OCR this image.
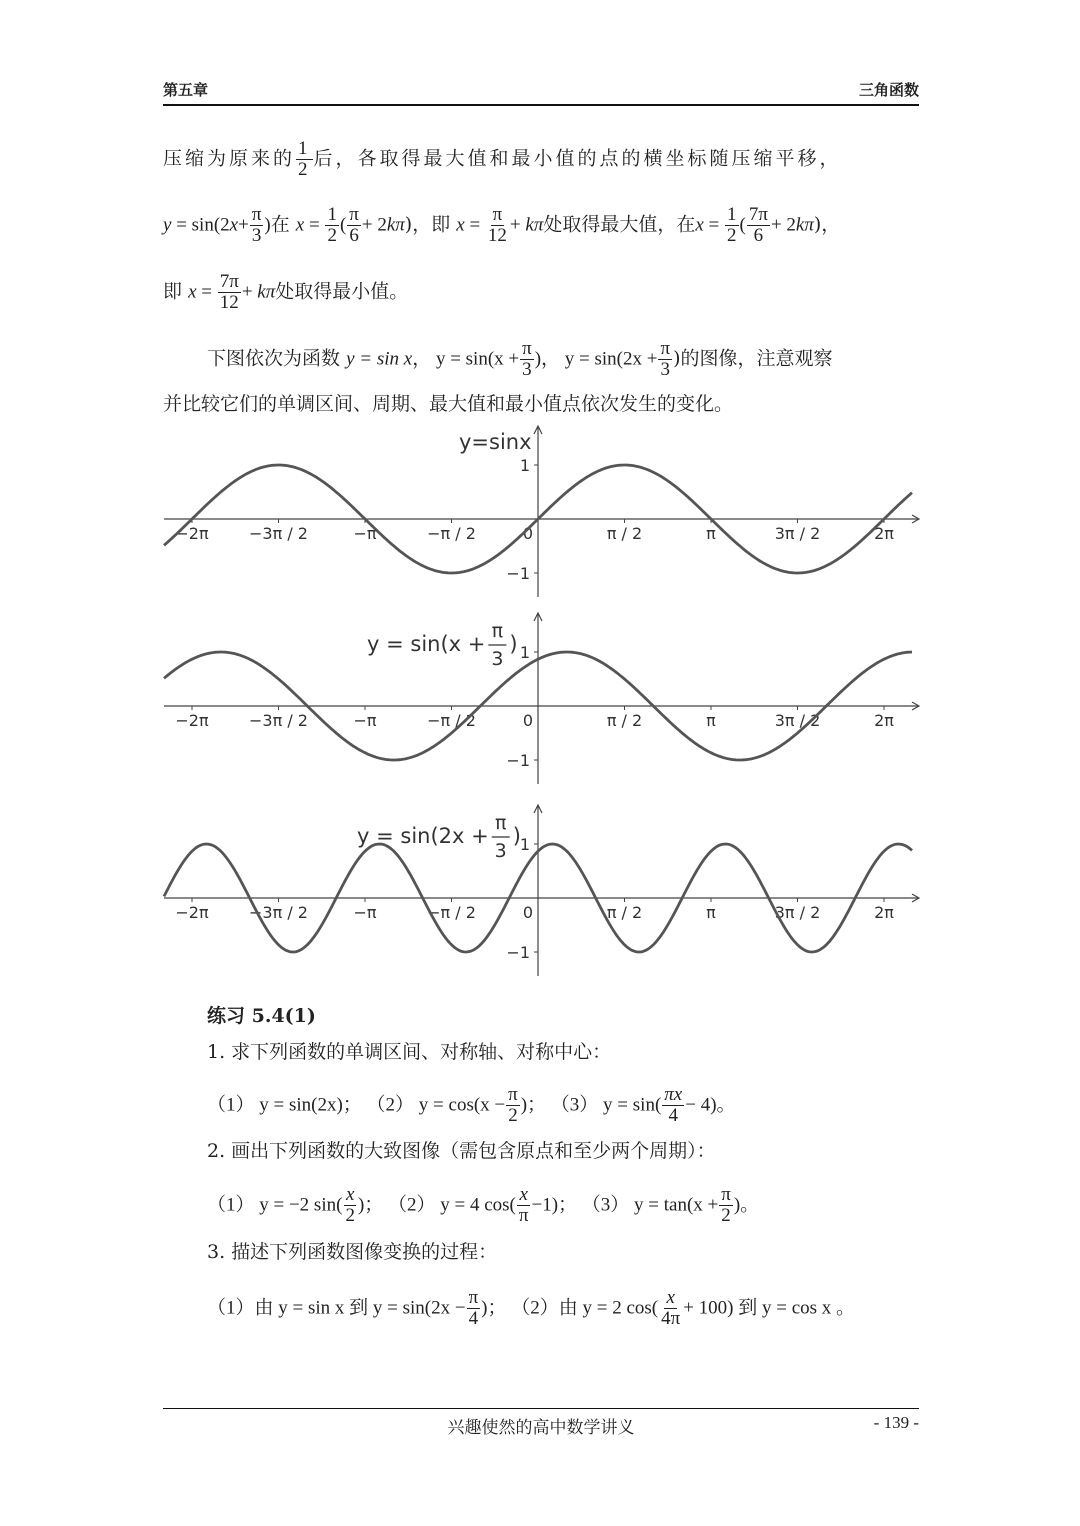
第五章	三角函数
压缩为原来的 $\frac{1}{2}$ 后，各取得最大值和最小值的点的横坐标随压缩平移，
$y = \sin(2x+ \frac{\pi}{3}$ )在 $x = \frac{1}{2}$ ( $\frac{\pi}{6} + 2k\pi$)，即 $x = \frac{\pi}{12} + k\pi$处取得最大值，在$x = \frac{1}{2}$ ( $\frac{7\pi}{6} + 2k\pi$)，
即 $x = \frac{7\pi}{12} + k\pi$处取得最小值。
下图依次为函数 y = sin x， $y = \sin(x + \frac{\pi}{3}$ )， $y = \sin(2x + \frac{\pi}{3}$ )的图像，注意观察
并比较它们的单调区间、周期、最大值和最小值点依次发生的变化。
1
−1
−2π	−3π / 2	−π	−π / 2	0	π / 2	π	3π / 2	2π
y=sinx
1
−1
−2π	−3π / 2	−π	−π / 2	0	π / 2	π	3π / 2	2π
y = sin(x +
π
3
)
1
−1
−2π	−3π / 2	−π	−π / 2	0	π / 2	π	3π / 2	2π
y = sin(2x +
π
3
)
练习 5.4(1)
1. 求下列函数的单调区间、对称轴、对称中心：
（1） y = sin(2x)； （2） $y = \cos(x - \frac{\pi}{2}$ )； （3） $y = \sin( \frac{\pi x}{4} - 4)$。
2. 画出下列函数的大致图像（需包含原点和至少两个周期）：
（1） y = −2 $\sin( \frac{x}{2}$ )； （2） y = 4 $\cos( \frac{x}{\pi} -1)$； （3） $y = \tan(x + \frac{\pi}{2}$ )。
3. 描述下列函数图像变换的过程：
（1）由 y = sin x 到 $y = \sin(2x - \frac{\pi}{4}$ )； （2）由 y = 2 $\cos( \frac{x}{4\pi} + 100)$ 到 y = cos x 。
兴趣使然的高中数学讲义	- 139 -
